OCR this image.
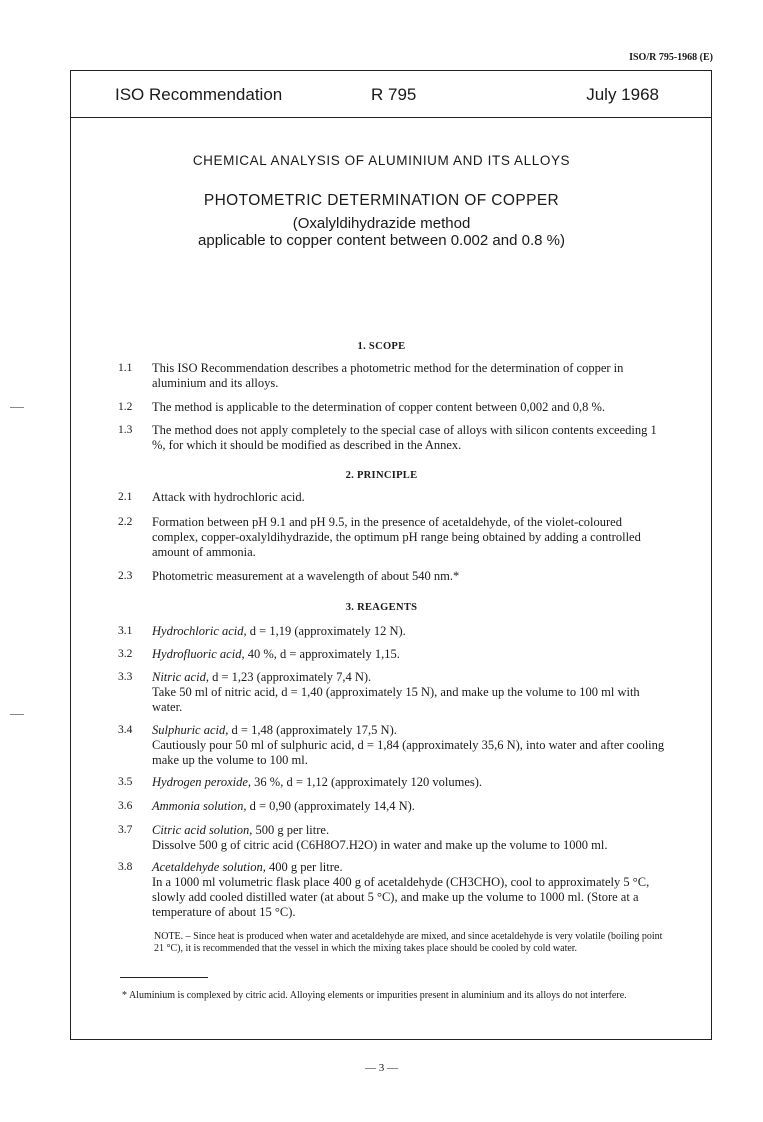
ISO/R 795-1968 (E)
ISO Recommendation	R 795	July 1968
CHEMICAL ANALYSIS OF ALUMINIUM AND ITS ALLOYS
PHOTOMETRIC DETERMINATION OF COPPER
(Oxalyldihydrazide method
applicable to copper content between 0.002 and 0.8 %)
1. SCOPE
1.1 This ISO Recommendation describes a photometric method for the determination of copper in aluminium and its alloys.
1.2 The method is applicable to the determination of copper content between 0,002 and 0,8 %.
1.3 The method does not apply completely to the special case of alloys with silicon contents exceeding 1 %, for which it should be modified as described in the Annex.
2. PRINCIPLE
2.1 Attack with hydrochloric acid.
2.2 Formation between pH 9.1 and pH 9.5, in the presence of acetaldehyde, of the violet-coloured complex, copper-oxalyldihydrazide, the optimum pH range being obtained by adding a controlled amount of ammonia.
2.3 Photometric measurement at a wavelength of about 540 nm.*
3. REAGENTS
3.1 Hydrochloric acid, d = 1,19 (approximately 12 N).
3.2 Hydrofluoric acid, 40 %, d = approximately 1,15.
3.3 Nitric acid, d = 1,23 (approximately 7,4 N).
Take 50 ml of nitric acid, d = 1,40 (approximately 15 N), and make up the volume to 100 ml with water.
3.4 Sulphuric acid, d = 1,48 (approximately 17,5 N).
Cautiously pour 50 ml of sulphuric acid, d = 1,84 (approximately 35,6 N), into water and after cooling make up the volume to 100 ml.
3.5 Hydrogen peroxide, 36 %, d = 1,12 (approximately 120 volumes).
3.6 Ammonia solution, d = 0,90 (approximately 14,4 N).
3.7 Citric acid solution, 500 g per litre.
Dissolve 500 g of citric acid (C6H8O7.H2O) in water and make up the volume to 1000 ml.
3.8 Acetaldehyde solution, 400 g per litre.
In a 1000 ml volumetric flask place 400 g of acetaldehyde (CH3CHO), cool to approximately 5 °C, slowly add cooled distilled water (at about 5 °C), and make up the volume to 1000 ml. (Store at a temperature of about 15 °C).
NOTE. – Since heat is produced when water and acetaldehyde are mixed, and since acetaldehyde is very volatile (boiling point 21 °C), it is recommended that the vessel in which the mixing takes place should be cooled by cold water.
* Aluminium is complexed by citric acid. Alloying elements or impurities present in aluminium and its alloys do not interfere.
— 3 —
